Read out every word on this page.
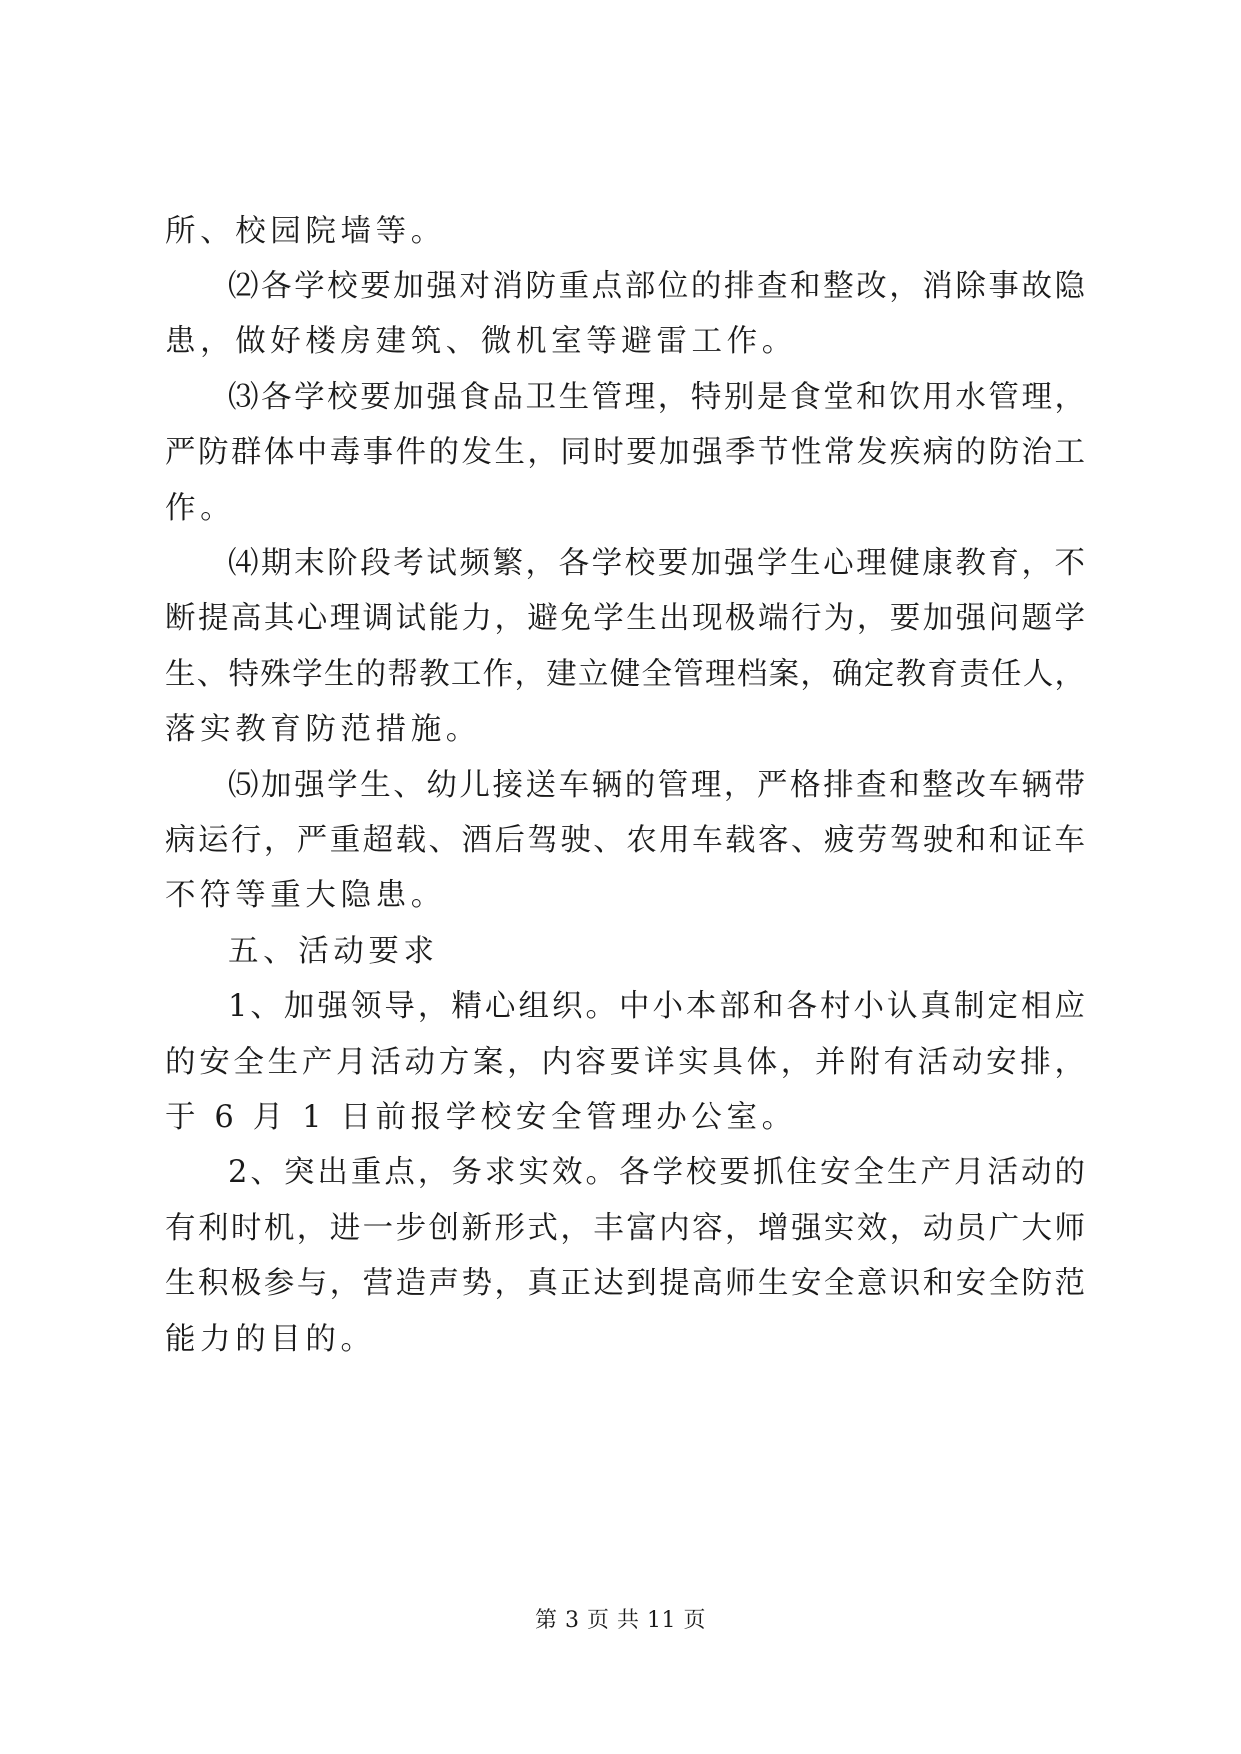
所、校园院墙等。
⑵各学校要加强对消防重点部位的排查和整改，消除事故隐
患，做好楼房建筑、微机室等避雷工作。
⑶各学校要加强食品卫生管理，特别是食堂和饮用水管理，
严防群体中毒事件的发生，同时要加强季节性常发疾病的防治工
作。
⑷期末阶段考试频繁，各学校要加强学生心理健康教育，不
断提高其心理调试能力，避免学生出现极端行为，要加强问题学
生、特殊学生的帮教工作，建立健全管理档案，确定教育责任人，
落实教育防范措施。
⑸加强学生、幼儿接送车辆的管理，严格排查和整改车辆带
病运行，严重超载、酒后驾驶、农用车载客、疲劳驾驶和和证车
不符等重大隐患。
五、活动要求
1、加强领导，精心组织。中小本部和各村小认真制定相应
的安全生产月活动方案，内容要详实具体，并附有活动安排，
于 6 月 1 日前报学校安全管理办公室。
2、突出重点，务求实效。各学校要抓住安全生产月活动的
有利时机，进一步创新形式，丰富内容，增强实效，动员广大师
生积极参与，营造声势，真正达到提高师生安全意识和安全防范
能力的目的。
第 3 页 共 11 页
